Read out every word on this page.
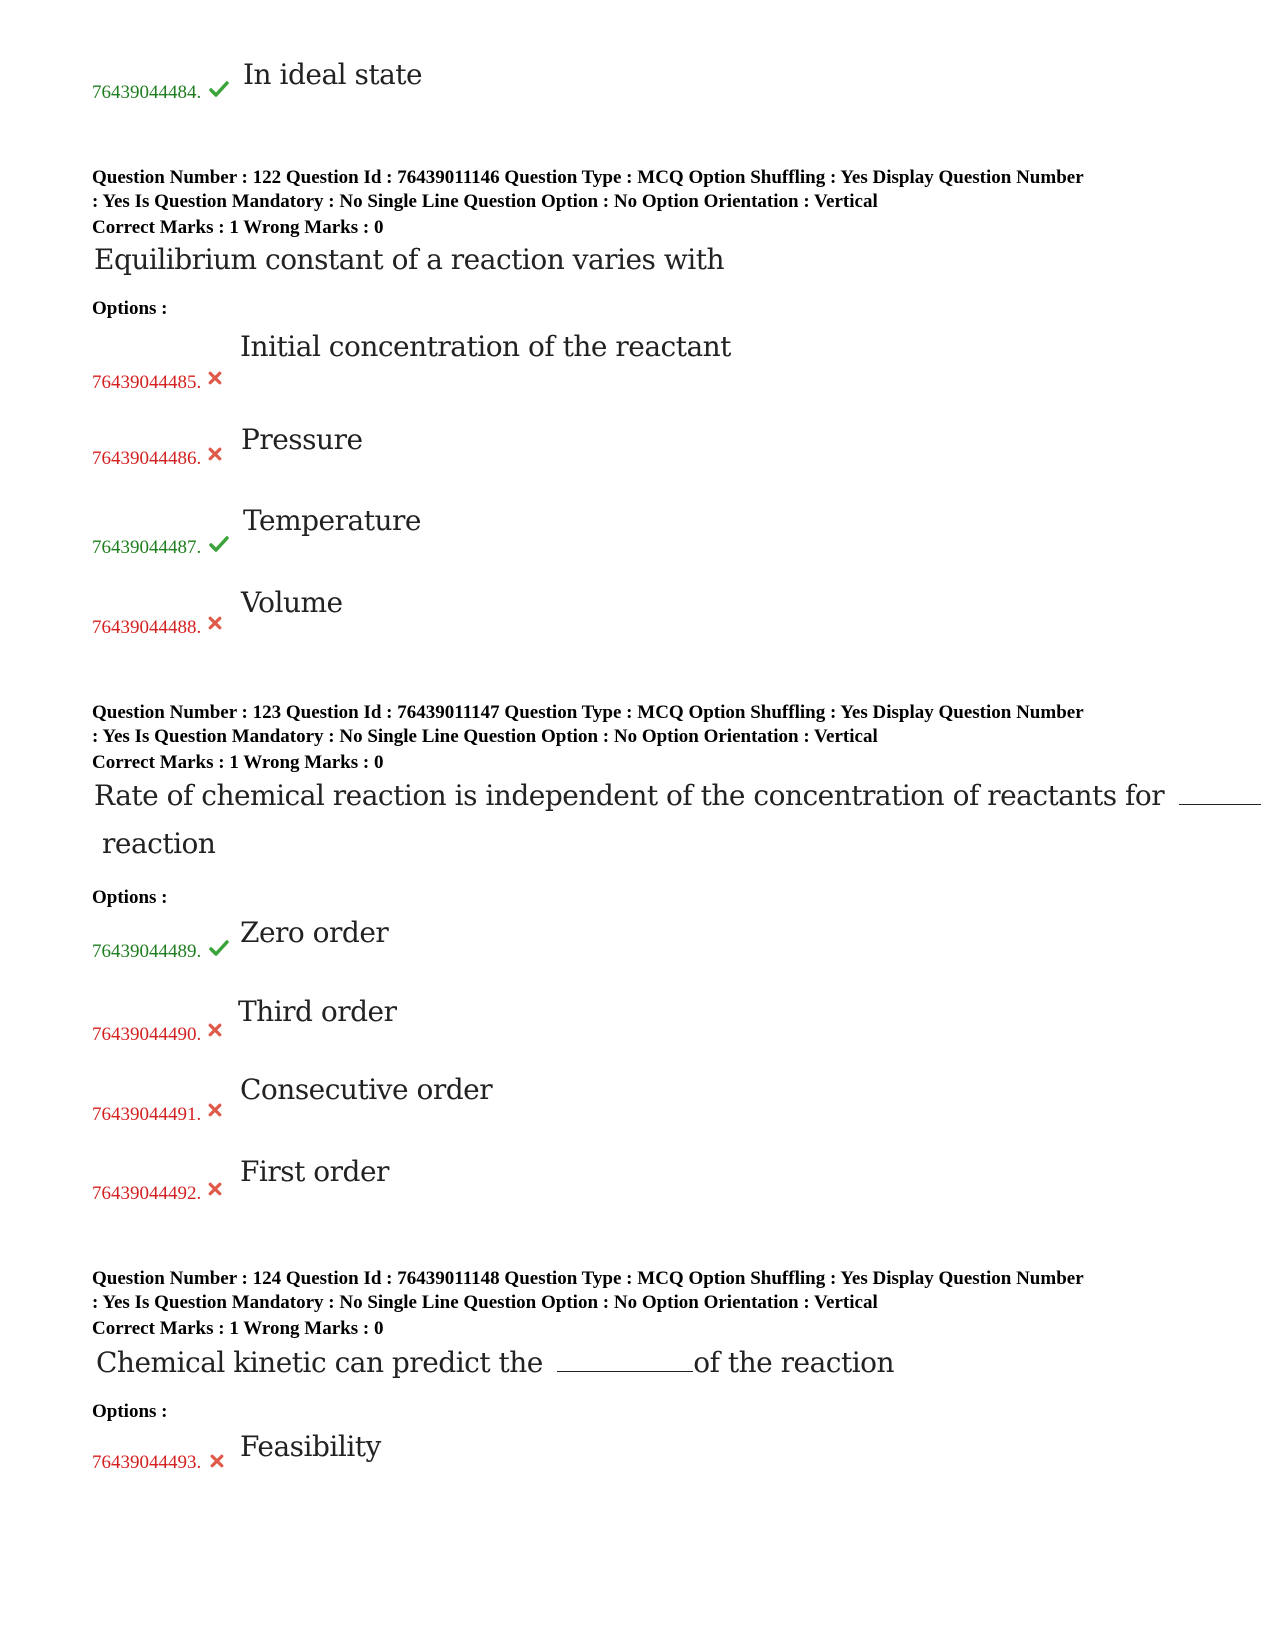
76439044484.
In ideal state
Question Number : 122 Question Id : 76439011146 Question Type : MCQ Option Shuffling : Yes Display Question Number
: Yes Is Question Mandatory : No Single Line Question Option : No Option Orientation : Vertical
Correct Marks : 1 Wrong Marks : 0
Equilibrium constant of a reaction varies with
Options :
76439044485.
Initial concentration of the reactant
76439044486.
Pressure
76439044487.
Temperature
76439044488.
Volume
Question Number : 123 Question Id : 76439011147 Question Type : MCQ Option Shuffling : Yes Display Question Number
: Yes Is Question Mandatory : No Single Line Question Option : No Option Orientation : Vertical
Correct Marks : 1 Wrong Marks : 0
Rate of chemical reaction is independent of the concentration of reactants for
reaction
Options :
76439044489.
Zero order
76439044490.
Third order
76439044491.
Consecutive order
76439044492.
First order
Question Number : 124 Question Id : 76439011148 Question Type : MCQ Option Shuffling : Yes Display Question Number
: Yes Is Question Mandatory : No Single Line Question Option : No Option Orientation : Vertical
Correct Marks : 1 Wrong Marks : 0
Chemical kinetic can predict the	of the reaction
Options :
76439044493.	Feasibility
